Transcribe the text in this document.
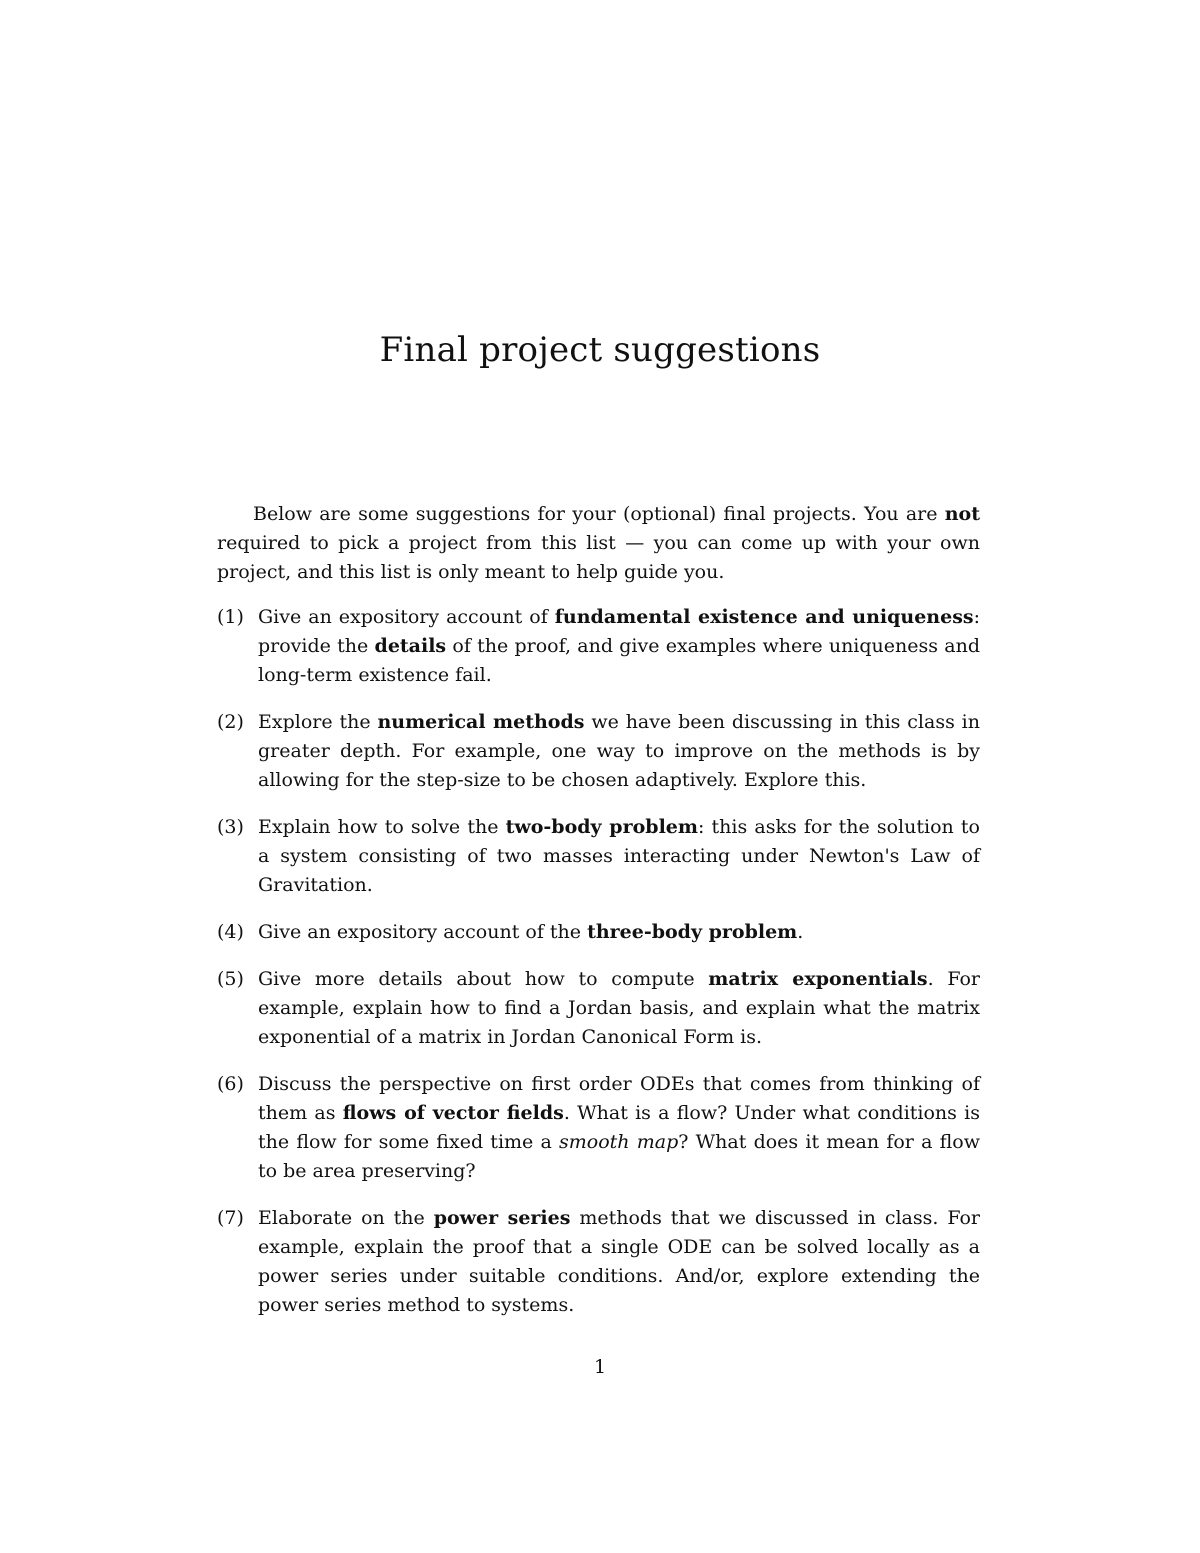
Final project suggestions

Below are some suggestions for your (optional) final projects. You are not required to pick a project from this list — you can come up with your own project, and this list is only meant to help guide you.

(1) Give an expository account of fundamental existence and uniqueness: provide the details of the proof, and give examples where uniqueness and long-term existence fail.
(2) Explore the numerical methods we have been discussing in this class in greater depth. For example, one way to improve on the methods is by allowing for the step-size to be chosen adaptively. Explore this.
(3) Explain how to solve the two-body problem: this asks for the solution to a system consisting of two masses interacting under Newton's Law of Gravitation.
(4) Give an expository account of the three-body problem.
(5) Give more details about how to compute matrix exponentials. For example, explain how to find a Jordan basis, and explain what the matrix exponential of a matrix in Jordan Canonical Form is.
(6) Discuss the perspective on first order ODEs that comes from thinking of them as flows of vector fields. What is a flow? Under what conditions is the flow for some fixed time a smooth map? What does it mean for a flow to be area preserving?
(7) Elaborate on the power series methods that we discussed in class. For example, explain the proof that a single ODE can be solved locally as a power series under suitable conditions. And/or, explore extending the power series method to systems.
1
